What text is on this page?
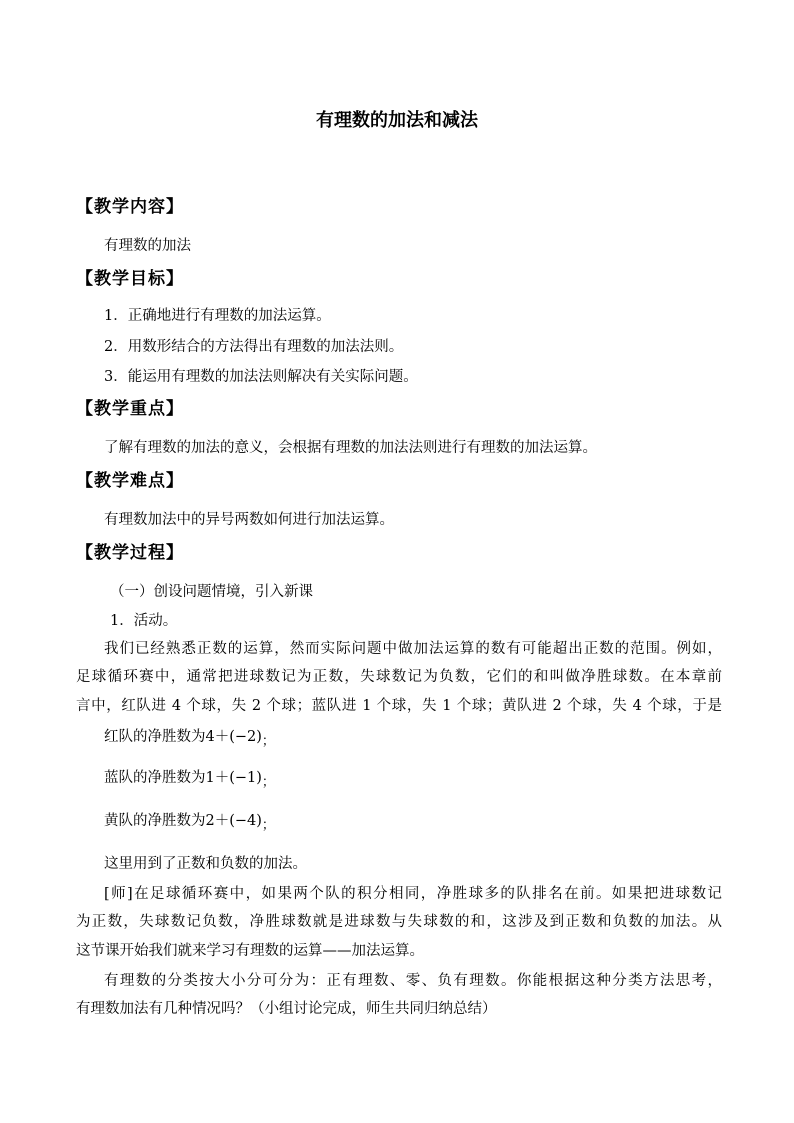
有理数的加法和减法
【教学内容】
有理数的加法
【教学目标】
1．正确地进行有理数的加法运算。
2．用数形结合的方法得出有理数的加法法则。
3．能运用有理数的加法法则解决有关实际问题。
【教学重点】
了解有理数的加法的意义，会根据有理数的加法法则进行有理数的加法运算。
【教学难点】
有理数加法中的异号两数如何进行加法运算。
【教学过程】
（一）创设问题情境，引入新课
1．活动。
我们已经熟悉正数的运算，然而实际问题中做加法运算的数有可能超出正数的范围。例如，
足球循环赛中，通常把进球数记为正数，失球数记为负数，它们的和叫做净胜球数。在本章前
言中，红队进 4 个球，失 2 个球；蓝队进 1 个球，失 1 个球；黄队进 2 个球，失 4 个球，于是
红队的净胜数为4＋(−2)；
蓝队的净胜数为1＋(−1)；
黄队的净胜数为2＋(−4)；
这里用到了正数和负数的加法。
[师]在足球循环赛中，如果两个队的积分相同，净胜球多的队排名在前。如果把进球数记
为正数，失球数记负数，净胜球数就是进球数与失球数的和，这涉及到正数和负数的加法。从
这节课开始我们就来学习有理数的运算——加法运算。
有理数的分类按大小分可分为：正有理数、零、负有理数。你能根据这种分类方法思考，
有理数加法有几种情况吗？（小组讨论完成，师生共同归纳总结）
